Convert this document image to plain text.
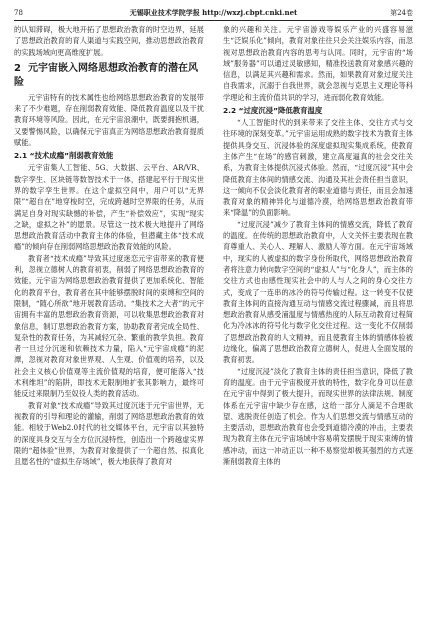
78	无锡职业技术学院学报 http://wxzj.cbpt.cnki.net	第24卷

的认知滞碍，极大地开拓了思想政治教育的时空边界，延展了思想政治教育的育人渠道与实践空间，推动思想政治教育的实践场域向更高维度扩展。

2 元宇宙嵌入网络思想政治教育的潜在风险

元宇宙特有的技术属性也给网络思想政治教育的发展带来了不少难题，存在削弱教育效能、降低教育温度以及干扰教育环境等风险。因此，在元宇宙浪潮中，既要拥抱机遇，又要警惕风险，以确保元宇宙真正为网络思想政治教育提质赋能。

2.1 “技术成瘾”削弱教育效能

元宇宙集人工智能、5G、大数据、云平台、AR/VR、数字孪生、区块链等数智技术于一体，搭建起平行于现实世界的数字孪生世界。在这个虚拟空间中，用户可以“无界限”“超自在”地穿梭时空，完成跨越时空界限的任务，从而满足自身对现实缺憾的补偿，产生“补偿效应”，实现“现实之缺，虚拟之补”的愿景。尽管这一技术极大地提升了网络思想政治教育活动中教育主体的体验，但潜藏主体“技术成瘾”的倾向存在削弱网络思想政治教育效能的风险。

教育者“技术成瘾”导致其过度迷恋元宇宙带来的教育便利，忽视立德树人的教育初衷，削弱了网络思想政治教育的效能。元宇宙为网络思想政治教育提供了更加系统化、智能化的教育平台，教育者在其中能够摆脱时间的束缚和空间的限制，“随心所欲”地开展教育活动。“集技术之大者”的元宇宙拥有丰富的思想政治教育资源，可以收集思想政治教育对象信息，制订思想政治教育方案，协助教育者完成全局性、复杂性的教育任务，为其减轻冗杂、繁重的教学负担。教育者一旦过分沉迷和依赖技术力量，陷入“元宇宙成瘾”的泥潭，忽视对教育对象世界观、人生观、价值观的培养，以及社会主义核心价值观等主流价值观的培育，便可能落入“技术利维坦”的陷阱，即技术无限制地扩张其影响力，最终可能反过来限制乃至奴役人类的教育活动。

教育对象“技术成瘾”导致其过度沉迷于元宇宙世界，无视教育的引导和理论的灌输，削弱了网络思想政治教育的效能。相较于Web2.0时代的社交媒体平台，元宇宙以其独特的深度具身交互与全方位沉浸特性，创造出一个跨越虚实界限的“超体验”世界，为教育对象提供了一个超自然、拟真化且愿名性的“虚拟生存场域”，极大地获得了教育对

象的兴趣和关注。元宇宙游戏等娱乐产业的兴盛容易滋生“泛娱乐化”倾向，教育对象往往只会关注娱乐内容，而忽视对思想政治教育内容的思考与认同。同时，元宇宙的“场域”服务器”可以通过灵敏感知，精准投送教育对象感兴趣的信息，以满足其兴趣和需求。然而，如果教育对象过度关注自我需求，沉溺于自我世界，就会忽视与克思主义理论等科学理论和主流价值共识的学习，进而弱化教育效能。

2.2 “过度沉浸”降低教育温度

“人工智能时代的到来带来了交往主体、交往方式与交往环境的深刻变革。”元宇宙运用成熟的数字技术为教育主体提供具身交互、沉浸体验的深度虚拟现实集成系统，使教育主体产生“在场”的感官刺激，建立高度逼真的社会交往关系，为教育主体提供沉浸式体验。然而，“过度沉浸”其中会降低教育主体间的情感交流、沟通及其社会责任担当意识，这一倾向不仅会淡化教育者的职业道德与责任，而且会加速教育对象的精神异化与道德冷漠，给网络思想政治教育带来“降温”的负面影响。

“过度沉浸”减少了教育主体间的情感交流，降低了教育的温度。在传统的思想政治教育中，人文关怀主要表现在教育尊重人、关心人、理解人、激励人等方面。在元宇宙场域中，现实的人被虚拟的数字身份所取代，网络思想政治教育者将注意力转向数字空间的“虚拟人”与“化身人”，而主体的交往方式也由感性现实社会中的人与人之间的身心交往方式，变成了一连串的冰冷的符号传输过程。这一转变不仅使教育主体间的直接沟通互动与情感交流过程骤减，而且将思想政治教育从感受浦温度与情感热度的人际互动教育过程简化为冷冰冰的符号化与数字化交往过程。这一变化不仅削弱了思想政治教育的人文精神，而且使教育主体的情感体验被边缘化，偏离了思想政治教育立德树人，促进人全面发展的教育初衷。

“过度沉浸”淡化了教育主体的责任担当意识，降低了教育的温度。由于元宇宙极度开放的特性，数字化身可以任意在元宇宙中得到了极大提升，而现实世界的法律法规、制度体系在元宇宙中缺少存在感，这给一部分人滴足不合理欲望、逃脱责任创造了机会。作为人们思想交流与情感互动的主要活动，思想政治教育也会受到道德冷漠的冲击，主要表现为教育主体在元宇宙场域中容易萌发摆脱于现实束缚的情感冲动，而这一冲动正以一种不易察觉却极其强烈的方式逐渐削弱教育主体的
